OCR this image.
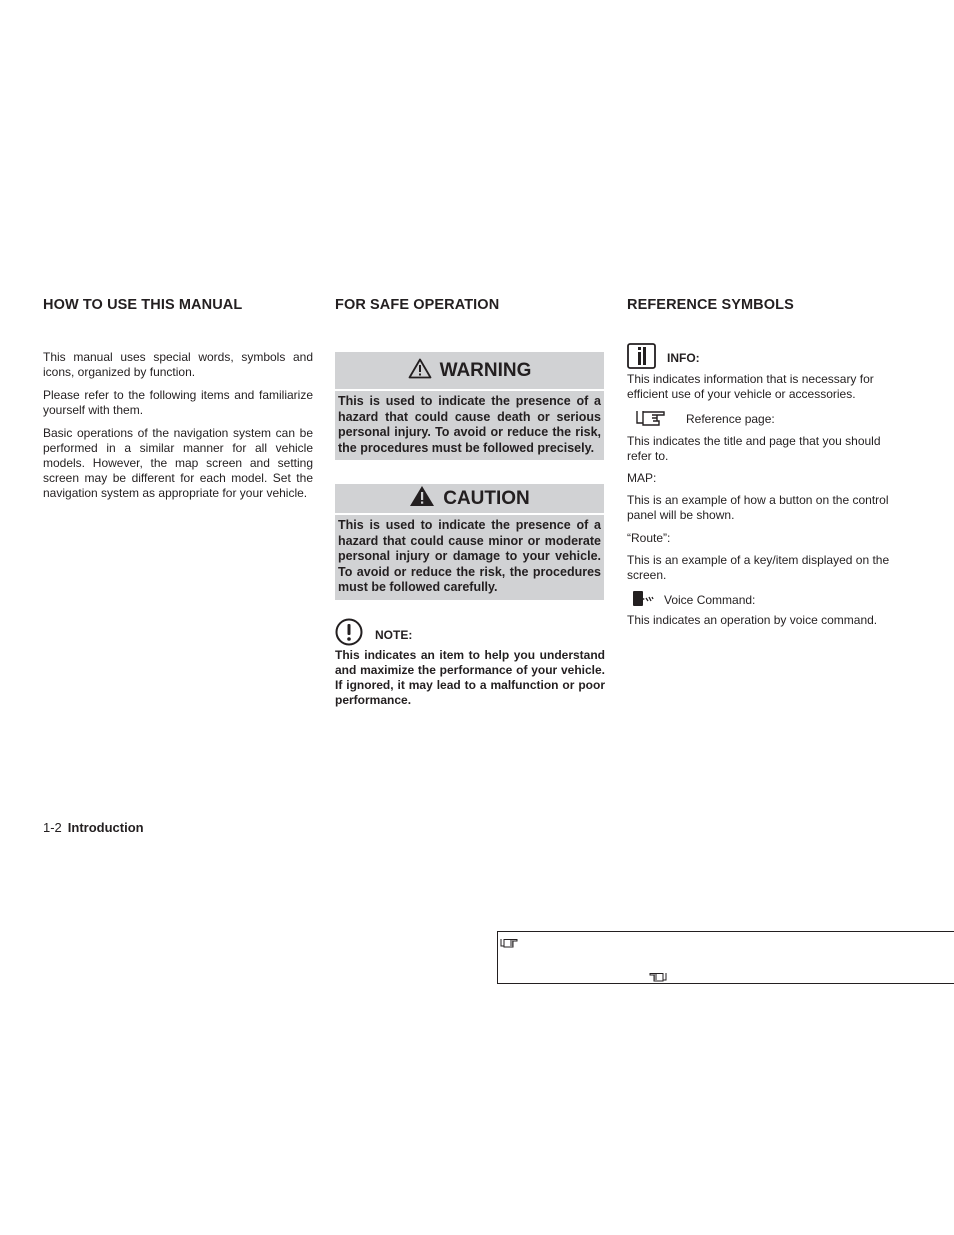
HOW TO USE THIS MANUAL

This manual uses special words, symbols and icons, organized by function.

Please refer to the following items and familiarize yourself with them.

Basic operations of the navigation system can be performed in a similar manner for all vehicle models. However, the map screen and setting screen may be different for each model. Set the navigation system as appropriate for your vehicle.

FOR SAFE OPERATION
WARNING
This is used to indicate the presence of a hazard that could cause death or serious personal injury. To avoid or reduce the risk, the procedures must be followed precisely.
CAUTION
This is used to indicate the presence of a hazard that could cause minor or moderate personal injury or damage to your vehicle. To avoid or reduce the risk, the procedures must be followed carefully.
NOTE:
This indicates an item to help you understand and maximize the performance of your vehicle. If ignored, it may lead to a malfunction or poor performance.
REFERENCE SYMBOLS
INFO:
This indicates information that is necessary for efficient use of your vehicle or accessories.
Reference page:
This indicates the title and page that you should refer to.
MAP:
This is an example of how a button on the control panel will be shown.
“Route”:
This is an example of a key/item displayed on the screen.
Voice Command:
This indicates an operation by voice command.
1-2 Introduction
